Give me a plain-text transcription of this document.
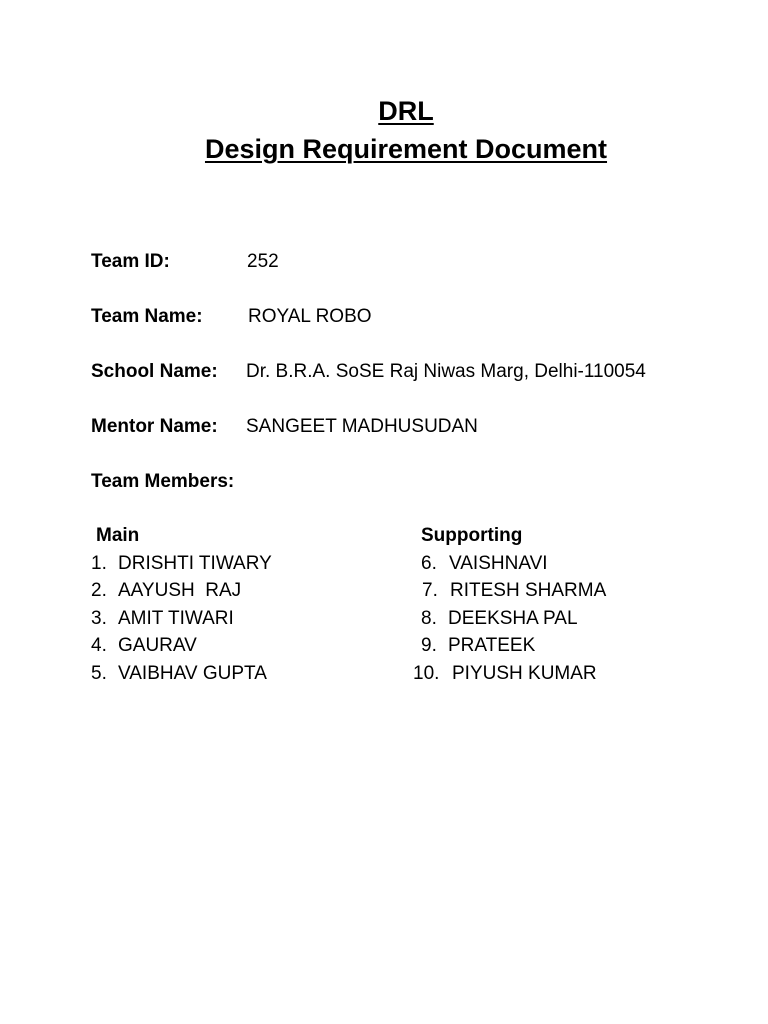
DRL
Design Requirement Document
Team ID:	252
Team Name: ROYAL ROBO
School Name: Dr. B.R.A. SoSE Raj Niwas Marg, Delhi-110054
Mentor Name: SANGEET MADHUSUDAN
Team Members:
Main	Supporting
1. DRISHTI TIWARY
2. AAYUSH  RAJ
3. AMIT TIWARI
4. GAURAV
5. VAIBHAV GUPTA
6. VAISHNAVI
7. RITESH SHARMA
8. DEEKSHA PAL
9. PRATEEK
10. PIYUSH KUMAR
